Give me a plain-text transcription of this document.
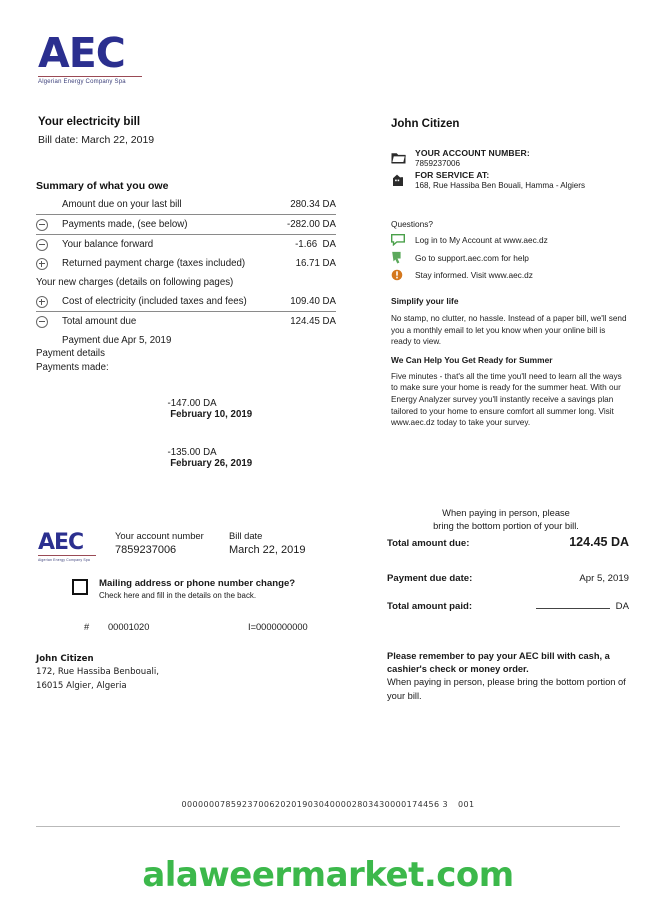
AEC
Algerian Energy Company Spa
Your electricity bill
Bill date: March 22, 2019
Summary of what you owe
Amount due on your last bill	280.34 DA
Payments made, (see below)	-282.00 DA
Your balance forward	-1.66  DA
Returned payment charge (taxes included)	16.71 DA
Your new charges (details on following pages)
Cost of electricity (included taxes and fees)	109.40 DA
Total amount due	124.45 DA
Payment due Apr 5, 2019
Payment details
Payments made:

-147.00 DA
February 10, 2019

-135.00 DA
February 26, 2019

John Citizen
YOUR ACCOUNT NUMBER:
7859237006
FOR SERVICE AT:
168, Rue Hassiba Ben Bouali, Hamma - Algiers
Questions?
Log in to My Account at www.aec.dz
Go to support.aec.com for help
Stay informed. Visit www.aec.dz
Simplify your life
No stamp, no clutter, no hassle. Instead of a paper bill, we'll send you a monthly email to let you know when your online bill is ready to view.
We Can Help You Get Ready for Summer
Five minutes - that's all the time you'll need to learn all the ways to make sure your home is ready for the summer heat. With our Energy Analyzer survey you'll instantly receive a savings plan tailored to your home to ensure comfort all summer long. Visit www.aec.dz today to take your survey.
AEC
Algerian Energy Company Spa
Your account number
7859237006
Bill date
March 22, 2019
Mailing address or phone number change?
Check here and fill in the details on the back.
#	00001020	I=0000000000
John Citizen
172, Rue Hassiba Benbouali,
16015 Algier, Algeria
When paying in person, please
bring the bottom portion of your bill.
Total amount due:	124.45 DA
Payment due date:	Apr 5, 2019
Total amount paid:	DA
Please remember to pay your AEC bill with cash, a cashier's check or money order.
When paying in person, please bring the bottom portion of your bill.
00000007859237006202019030400002803430000174456 3 001
alaweermarket.com
